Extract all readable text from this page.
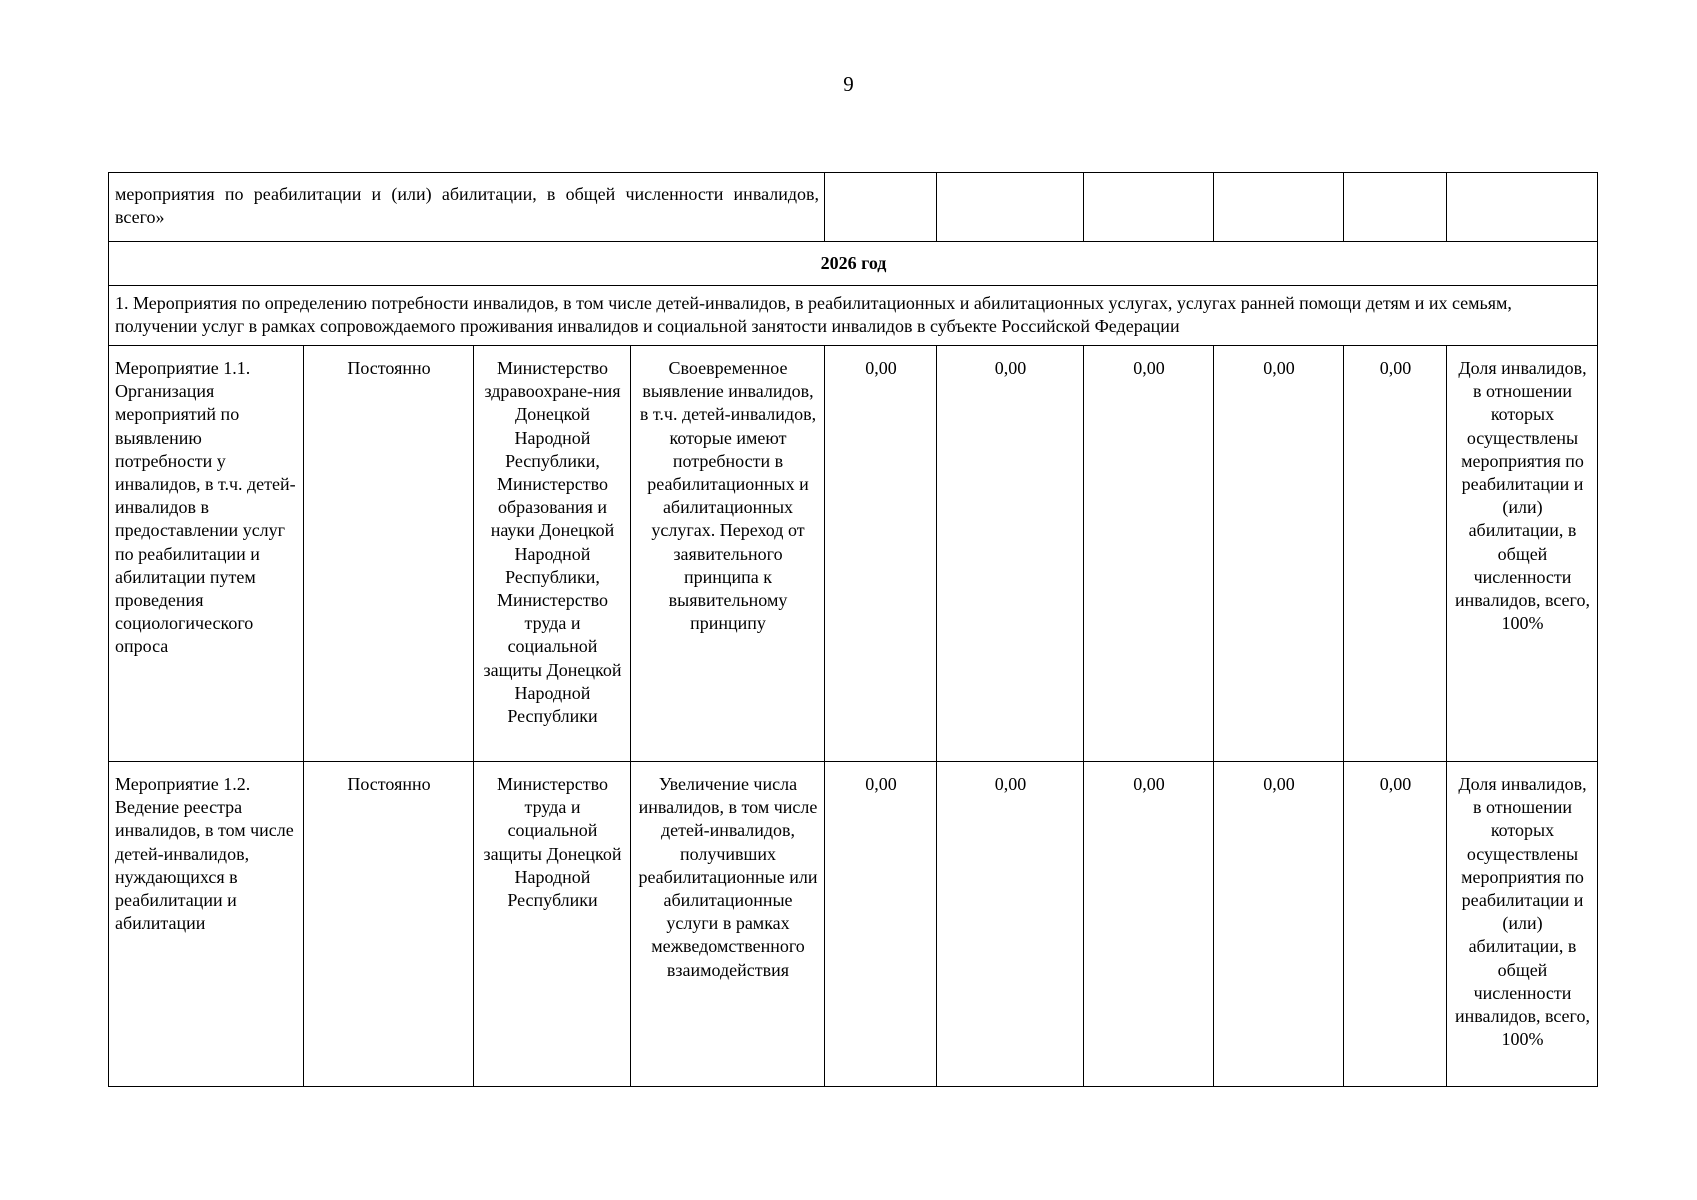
9
мероприятия по реабилитации и (или) абилитации, в общей численности инвалидов, всего»									
2026 год									
1. Мероприятия по определению потребности инвалидов, в том числе детей-инвалидов, в реабилитационных и абилитационных услугах, услугах ранней помощи детям и их семьям, получении услуг в рамках сопровождаемого проживания инвалидов и социальной занятости инвалидов в субъекте Российской Федерации									
Мероприятие 1.1. Организация мероприятий по выявлению потребности у инвалидов, в т.ч. детей-инвалидов в предоставлении услуг по реабилитации и абилитации путем проведения социологического опроса	Постоянно	Министерство здравоохране-ния Донецкой Народной Республики, Министерство образования и науки Донецкой Народной Республики, Министерство труда и социальной защиты Донецкой Народной Республики	Своевременное выявление инвалидов, в т.ч. детей-инвалидов, которые имеют потребности в реабилитационных и абилитационных услугах. Переход от заявительного принципа к выявительному принципу	0,00	0,00	0,00	0,00	0,00	Доля инвалидов, в отношении которых осуществлены мероприятия по реабилитации и (или) абилитации, в общей численности инвалидов, всего, 100%
Мероприятие 1.2. Ведение реестра инвалидов, в том числе детей-инвалидов, нуждающихся в реабилитации и абилитации	Постоянно	Министерство труда и социальной защиты Донецкой Народной Республики	Увеличение числа инвалидов, в том числе детей-инвалидов, получивших реабилитационные или абилитационные услуги в рамках межведомственного взаимодействия	0,00	0,00	0,00	0,00	0,00	Доля инвалидов, в отношении которых осуществлены мероприятия по реабилитации и (или) абилитации, в общей численности инвалидов, всего, 100%
